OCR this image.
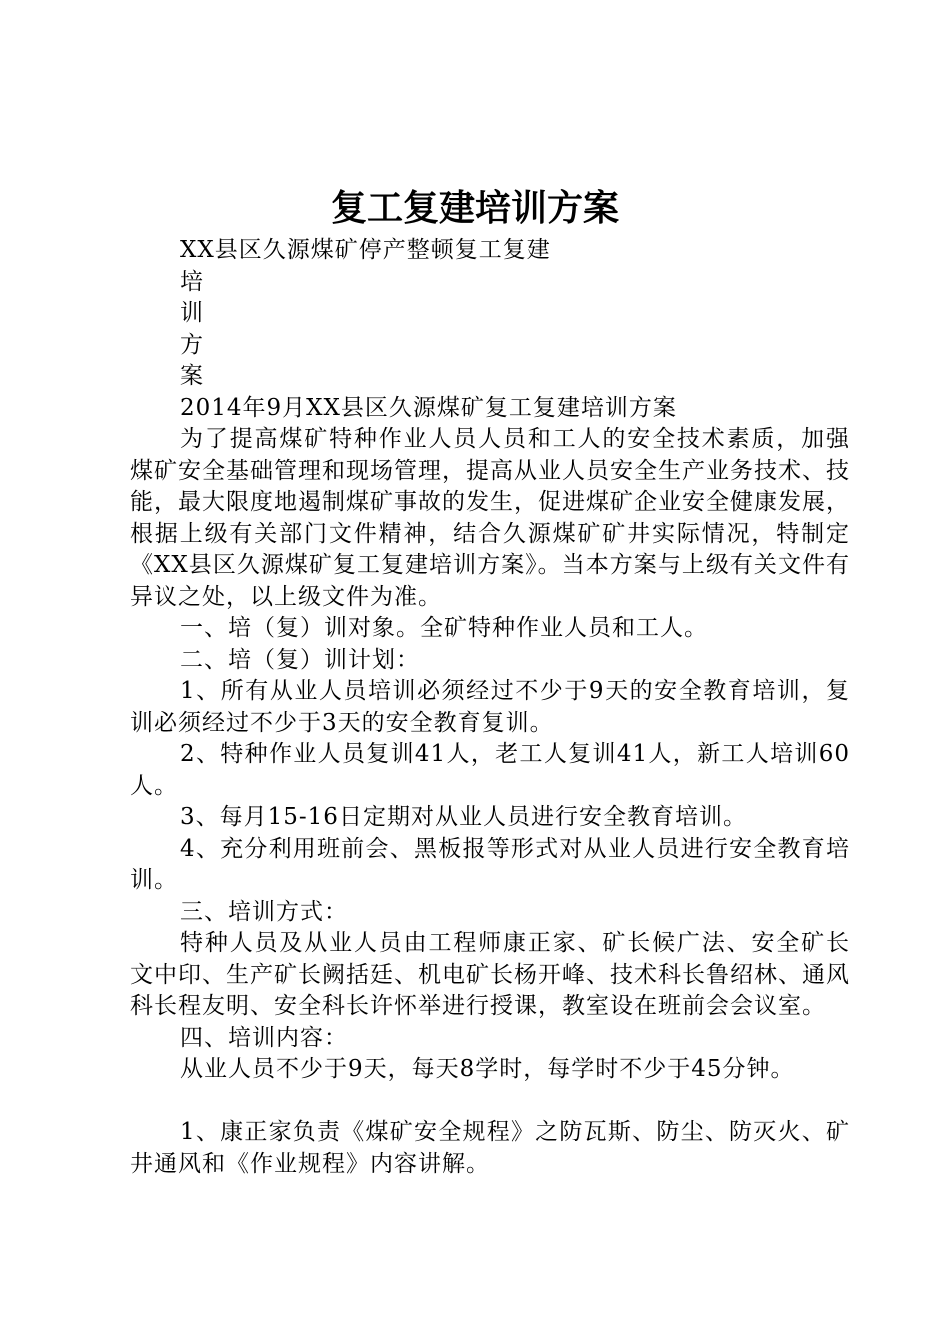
复工复建培训方案

XX县区久源煤矿停产整顿复工复建

培

训

方

案

2014年9月XX县区久源煤矿复工复建培训方案

为了提高煤矿特种作业人员人员和工人的安全技术素质，加强煤矿安全基础管理和现场管理，提高从业人员安全生产业务技术、技能，最大限度地遏制煤矿事故的发生，促进煤矿企业安全健康发展，根据上级有关部门文件精神，结合久源煤矿矿井实际情况，特制定《XX县区久源煤矿复工复建培训方案》。当本方案与上级有关文件有异议之处，以上级文件为准。

一、培（复）训对象。全矿特种作业人员和工人。

二、培（复）训计划：

1、所有从业人员培训必须经过不少于9天的安全教育培训，复训必须经过不少于3天的安全教育复训。

2、特种作业人员复训41人，老工人复训41人，新工人培训60人。

3、每月15-16日定期对从业人员进行安全教育培训。

4、充分利用班前会、黑板报等形式对从业人员进行安全教育培训。

三、培训方式：

特种人员及从业人员由工程师康正家、矿长候广法、安全矿长文中印、生产矿长阙括廷、机电矿长杨开峰、技术科长鲁绍林、通风科长程友明、安全科长许怀举进行授课，教室设在班前会会议室。

四、培训内容：

从业人员不少于9天，每天8学时，每学时不少于45分钟。

1、康正家负责《煤矿安全规程》之防瓦斯、防尘、防灭火、矿井通风和《作业规程》内容讲解。
